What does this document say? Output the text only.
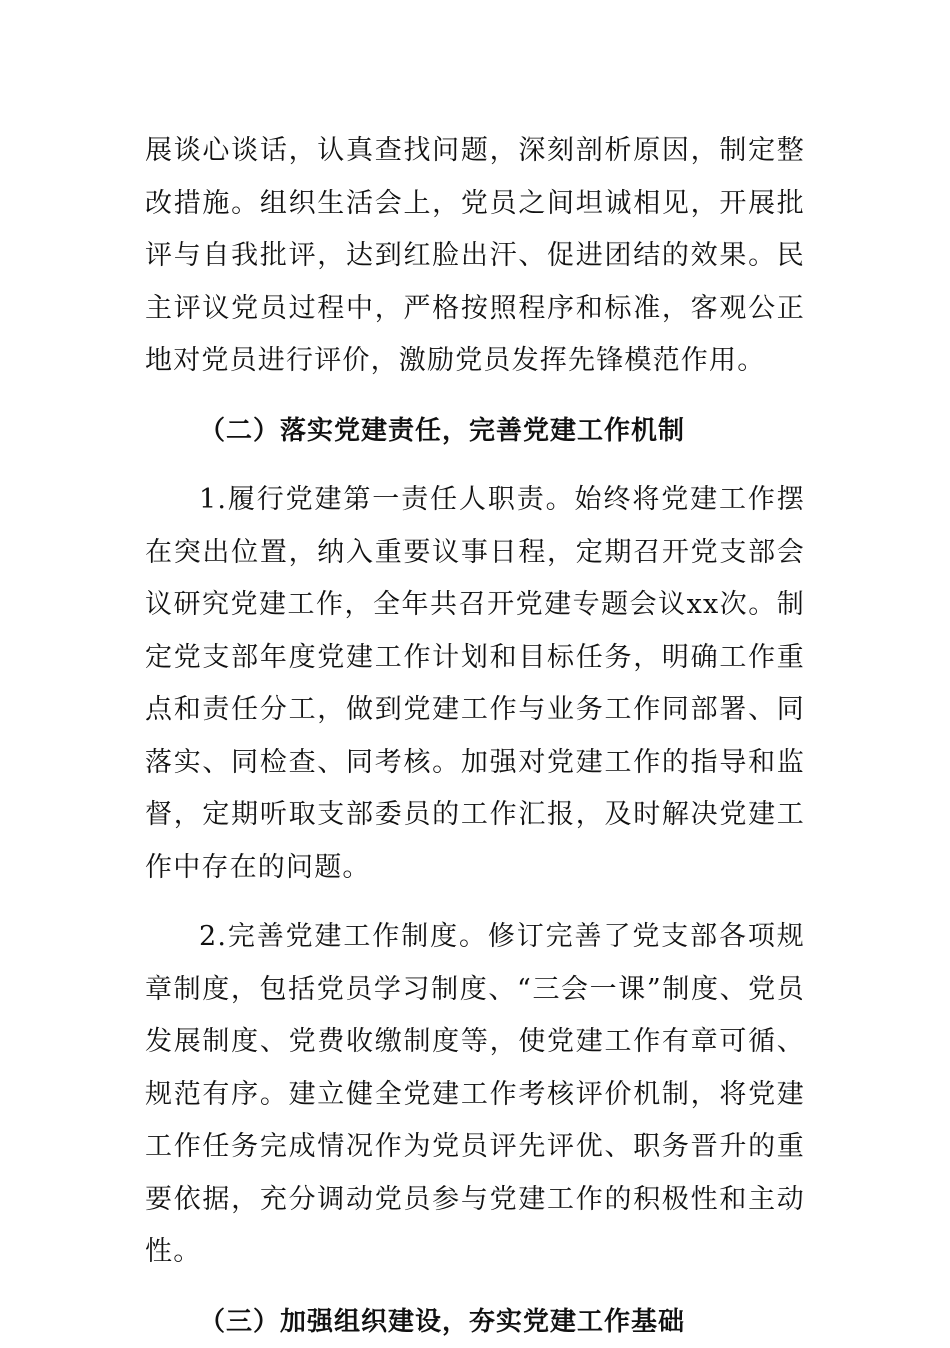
展谈心谈话，认真查找问题，深刻剖析原因，制定整改措施。组织生活会上，党员之间坦诚相见，开展批评与自我批评，达到红脸出汗、促进团结的效果。民主评议党员过程中，严格按照程序和标准，客观公正地对党员进行评价，激励党员发挥先锋模范作用。

（二）落实党建责任，完善党建工作机制

1.履行党建第一责任人职责。始终将党建工作摆在突出位置，纳入重要议事日程，定期召开党支部会议研究党建工作，全年共召开党建专题会议xx次。制定党支部年度党建工作计划和目标任务，明确工作重点和责任分工，做到党建工作与业务工作同部署、同落实、同检查、同考核。加强对党建工作的指导和监督，定期听取支部委员的工作汇报，及时解决党建工作中存在的问题。

2.完善党建工作制度。修订完善了党支部各项规章制度，包括党员学习制度、“三会一课”制度、党员发展制度、党费收缴制度等，使党建工作有章可循、规范有序。建立健全党建工作考核评价机制，将党建工作任务完成情况作为党员评先评优、职务晋升的重要依据，充分调动党员参与党建工作的积极性和主动性。

（三）加强组织建设，夯实党建工作基础
